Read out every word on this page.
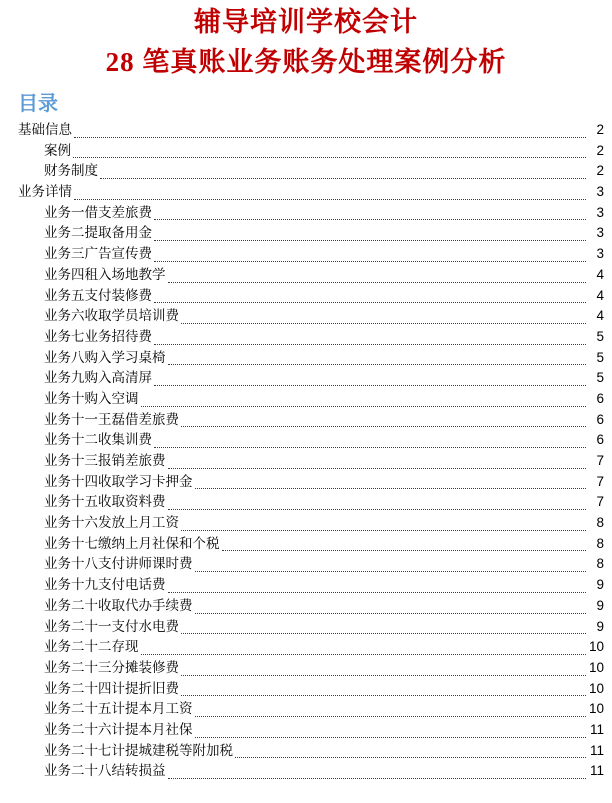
辅导培训学校会计
28 笔真账业务账务处理案例分析
目录
基础信息	2
案例	2
财务制度	2
业务详情	3
业务一借支差旅费	3
业务二提取备用金	3
业务三广告宣传费	3
业务四租入场地教学	4
业务五支付装修费	4
业务六收取学员培训费	4
业务七业务招待费	5
业务八购入学习桌椅	5
业务九购入高清屏	5
业务十购入空调	6
业务十一王磊借差旅费	6
业务十二收集训费	6
业务十三报销差旅费	7
业务十四收取学习卡押金	7
业务十五收取资料费	7
业务十六发放上月工资	8
业务十七缴纳上月社保和个税	8
业务十八支付讲师课时费	8
业务十九支付电话费	9
业务二十收取代办手续费	9
业务二十一支付水电费	9
业务二十二存现	10
业务二十三分摊装修费	10
业务二十四计提折旧费	10
业务二十五计提本月工资	10
业务二十六计提本月社保	11
业务二十七计提城建税等附加税	11
业务二十八结转损益	11
